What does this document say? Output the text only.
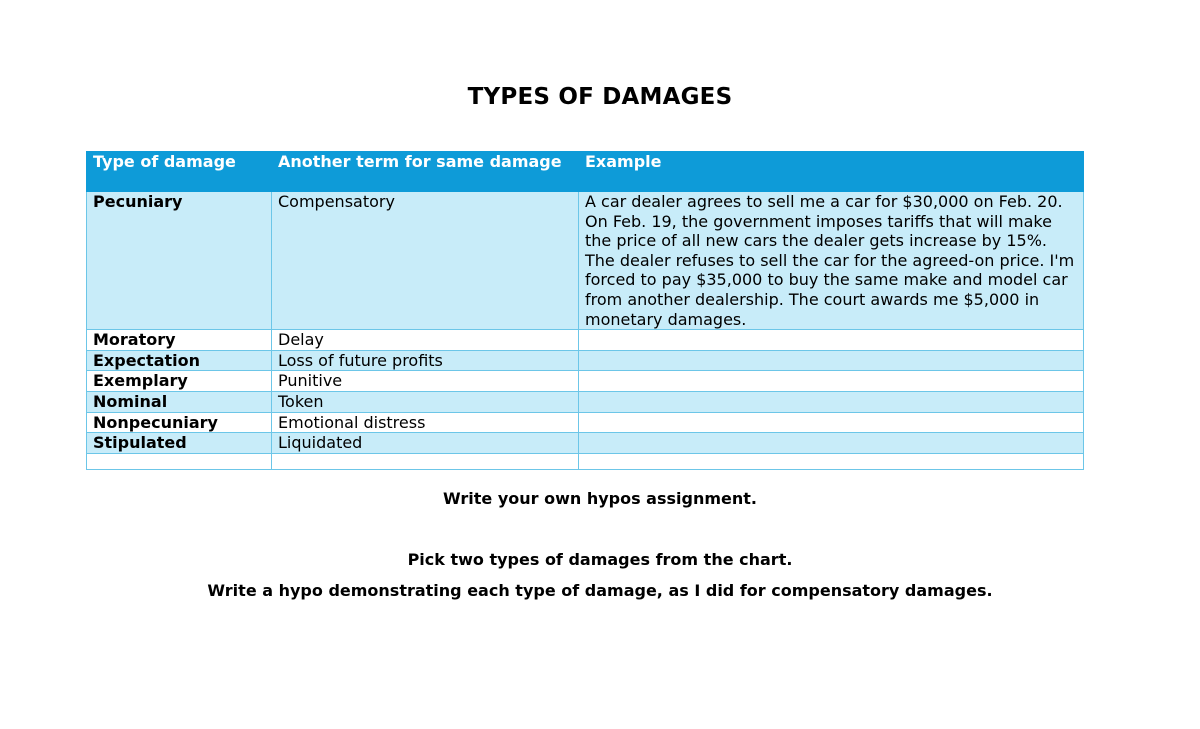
TYPES OF DAMAGES
Type of damage	Another term for same damage	Example
Pecuniary	Compensatory	A car dealer agrees to sell me a car for $30,000 on Feb. 20. On Feb. 19, the government imposes tariffs that will make the price of all new cars the dealer gets increase by 15%. The dealer refuses to sell the car for the agreed-on price. I'm forced to pay $35,000 to buy the same make and model car from another dealership. The court awards me $5,000 in monetary damages.
Moratory	Delay	
Expectation	Loss of future profits	
Exemplary	Punitive	
Nominal	Token	
Nonpecuniary	Emotional distress	
Stipulated	Liquidated	

Write your own hypos assignment.
Pick two types of damages from the chart.
Write a hypo demonstrating each type of damage, as I did for compensatory damages.
